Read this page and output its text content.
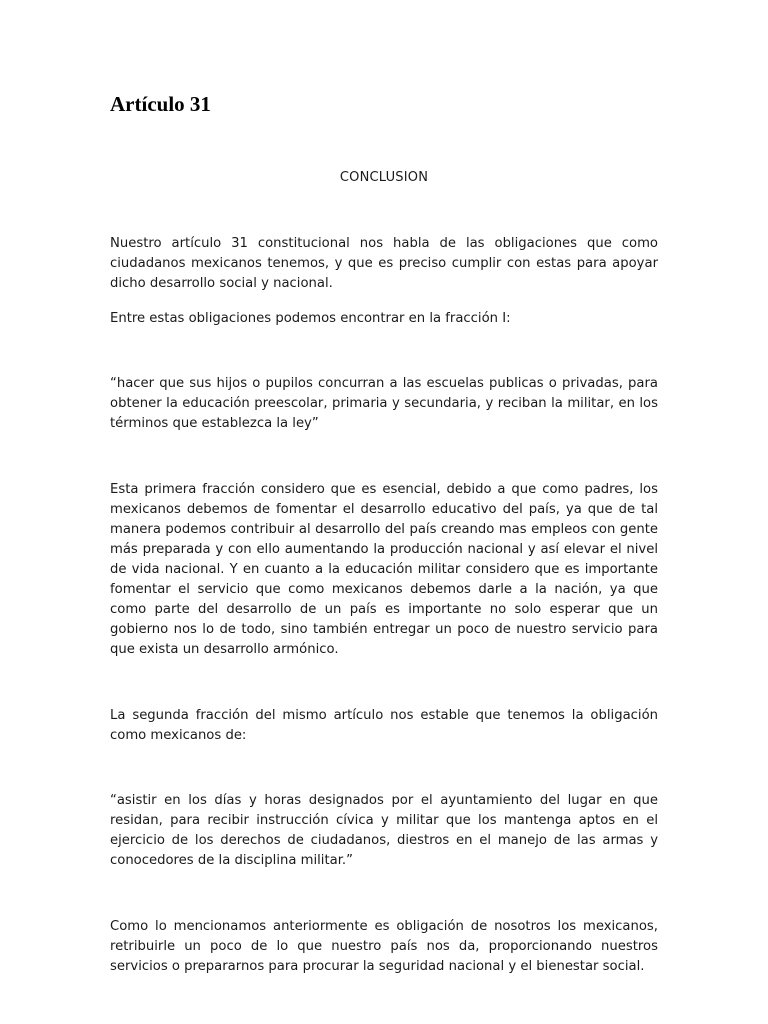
Artículo 31

CONCLUSION

Nuestro artículo 31 constitucional nos habla de las obligaciones que como ciudadanos mexicanos tenemos, y que es preciso cumplir con estas para apoyar dicho desarrollo social y nacional.

Entre estas obligaciones podemos encontrar en la fracción I:

“hacer que sus hijos o pupilos concurran a las escuelas publicas o privadas, para obtener la educación preescolar, primaria y secundaria, y reciban la militar, en los términos que establezca la ley”

Esta primera fracción considero que es esencial, debido a que como padres, los mexicanos debemos de fomentar el desarrollo educativo del país, ya que de tal manera podemos contribuir al desarrollo del país creando mas empleos con gente más preparada y con ello aumentando la producción nacional y así elevar el nivel de vida nacional. Y en cuanto a la educación militar considero que es importante fomentar el servicio que como mexicanos debemos darle a la nación, ya que como parte del desarrollo de un país es importante no solo esperar que un gobierno nos lo de todo, sino también entregar un poco de nuestro servicio para que exista un desarrollo armónico.

La segunda fracción del mismo artículo nos estable que tenemos la obligación como mexicanos de:

“asistir en los días y horas designados por el ayuntamiento del lugar en que residan, para recibir instrucción cívica y militar que los mantenga aptos en el ejercicio de los derechos de ciudadanos, diestros en el manejo de las armas y conocedores de la disciplina militar.”

Como lo mencionamos anteriormente es obligación de nosotros los mexicanos, retribuirle un poco de lo que nuestro país nos da, proporcionando nuestros servicios o prepararnos para procurar la seguridad nacional y el bienestar social.
